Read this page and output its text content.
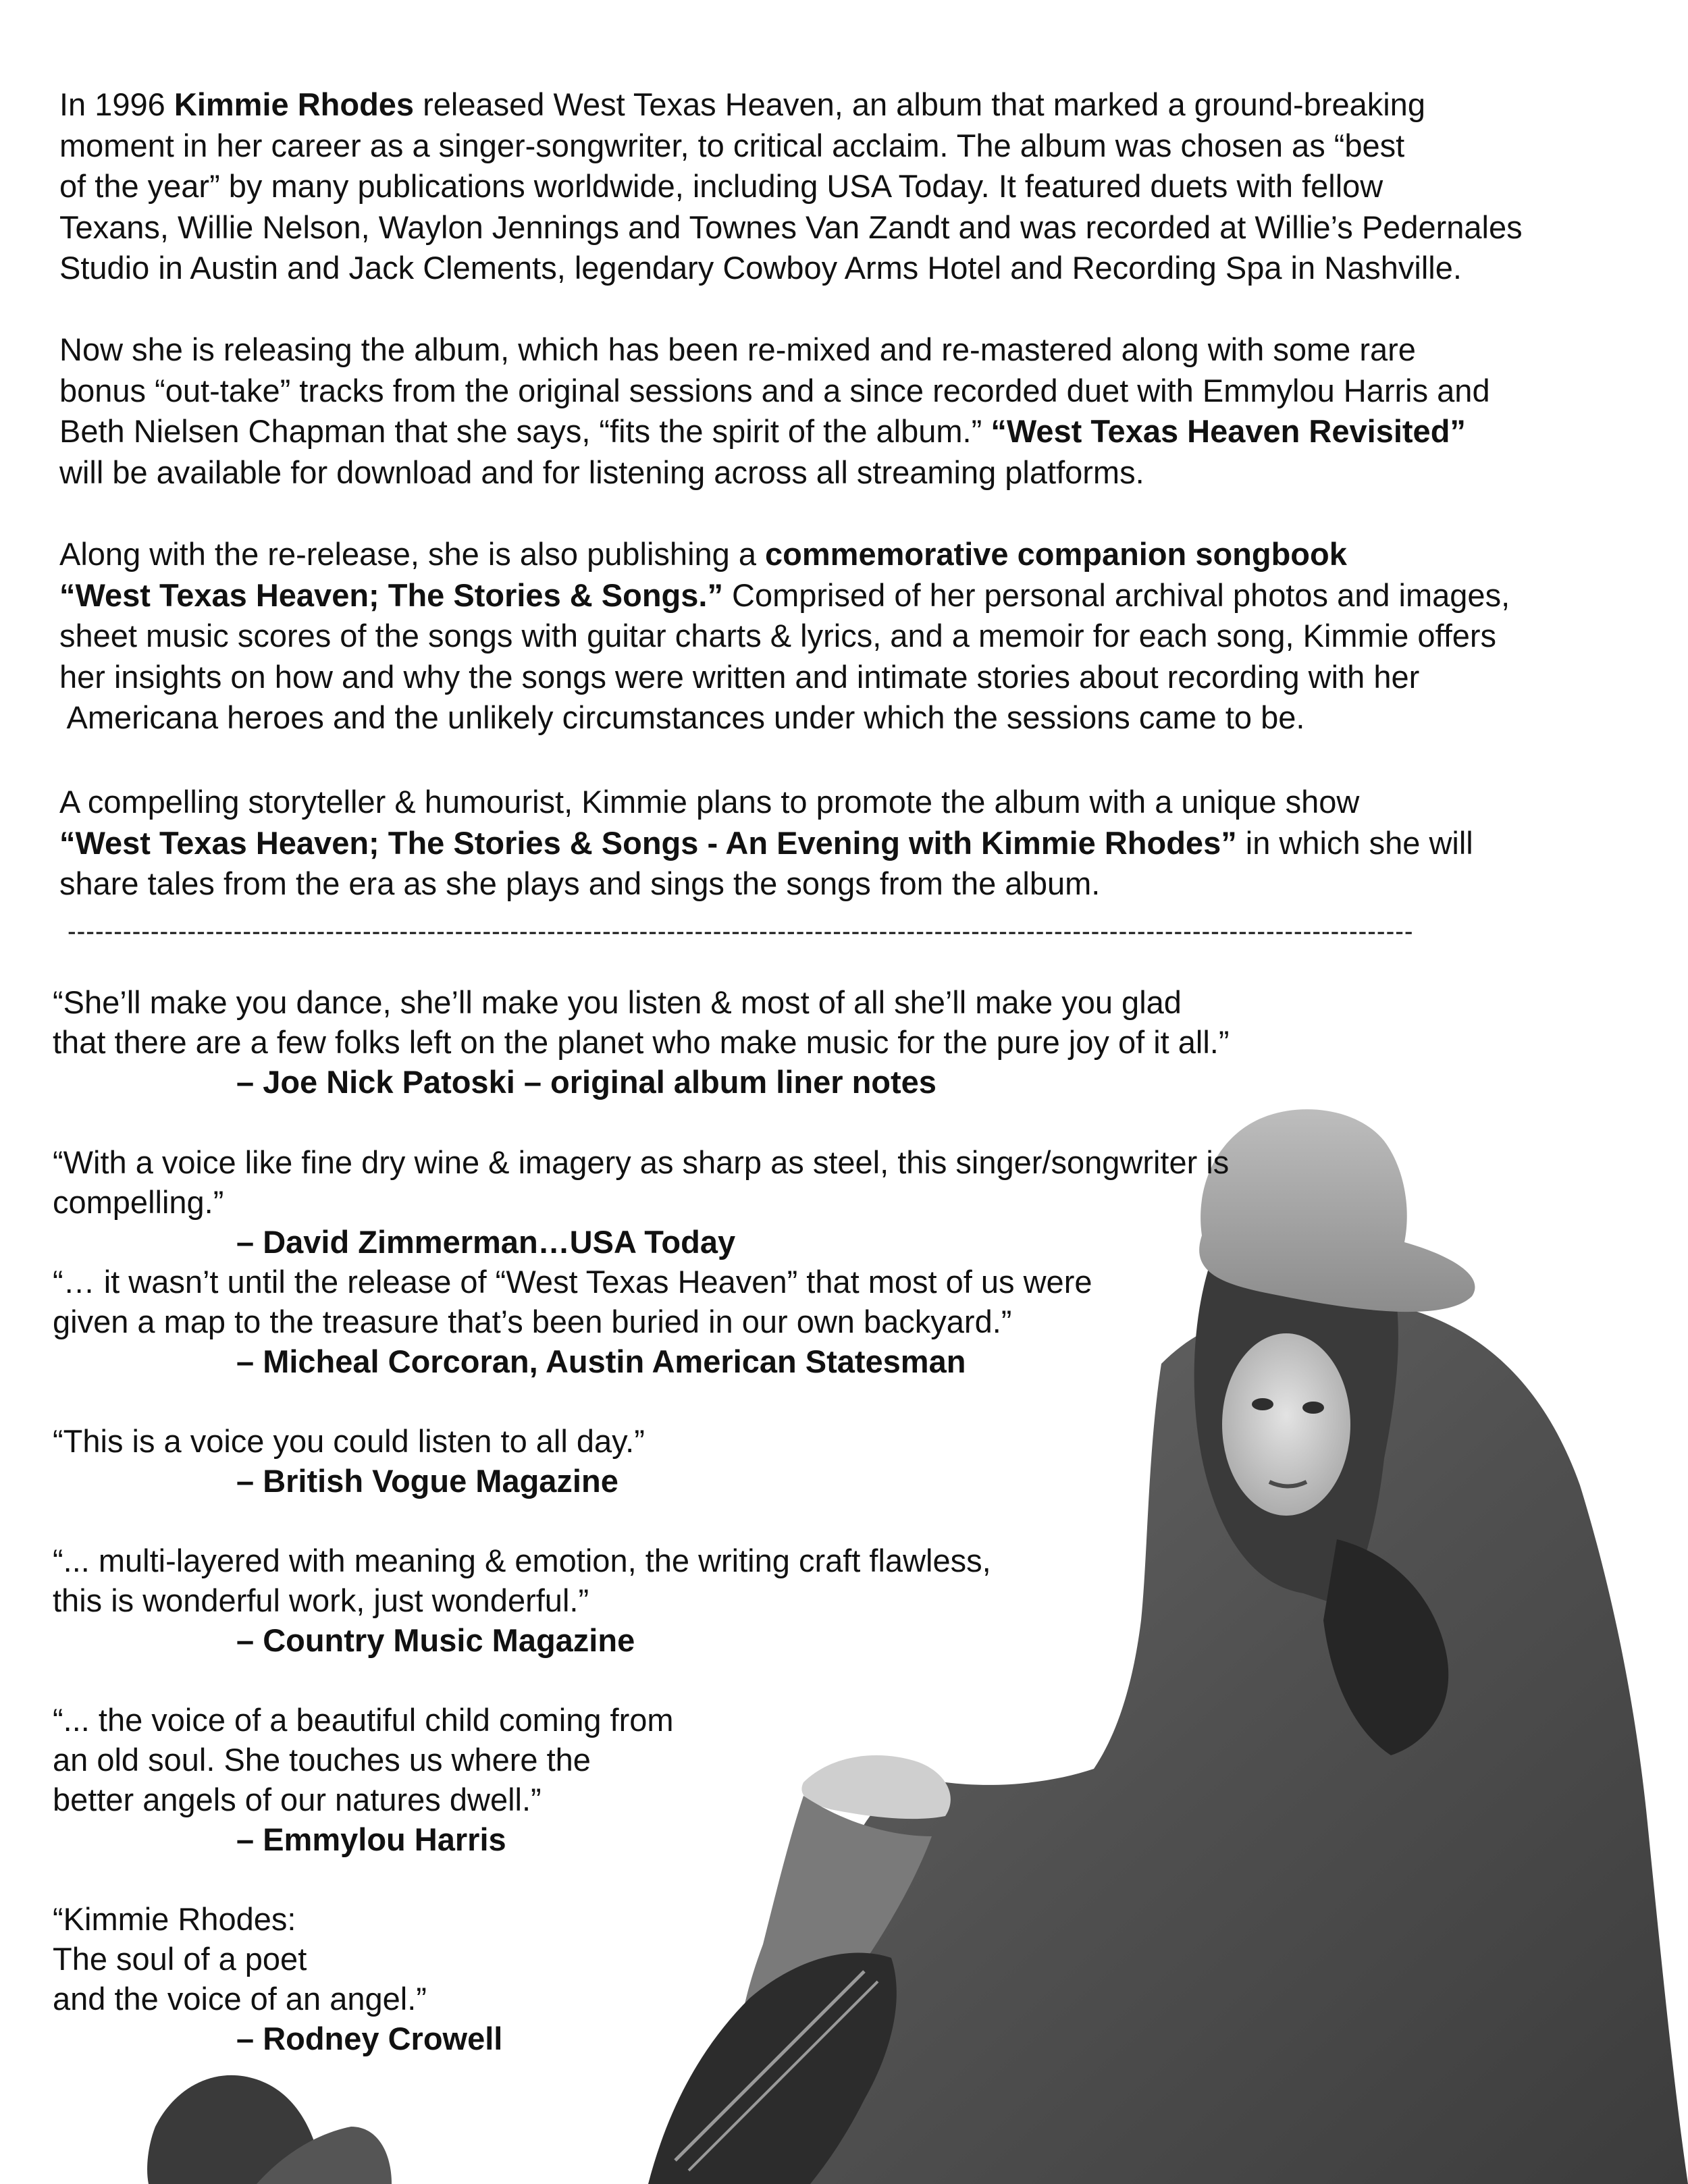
In 1996 Kimmie Rhodes released West Texas Heaven, an album that marked a ground-breaking
moment in her career as a singer-songwriter, to critical acclaim. The album was chosen as “best
of the year” by many publications worldwide, including USA Today. It featured duets with fellow
Texans, Willie Nelson, Waylon Jennings and Townes Van Zandt and was recorded at Willie’s Pedernales
Studio in Austin and Jack Clements, legendary Cowboy Arms Hotel and Recording Spa in Nashville.
Now she is releasing the album, which has been re-mixed and re-mastered along with some rare
bonus “out-take” tracks from the original sessions and a since recorded duet with Emmylou Harris and
Beth Nielsen Chapman that she says, “fits the spirit of the album.” “West Texas Heaven Revisited”
will be available for download and for listening across all streaming platforms.
Along with the re-release, she is also publishing a commemorative companion songbook
“West Texas Heaven; The Stories & Songs.” Comprised of her personal archival photos and images,
sheet music scores of the songs with guitar charts & lyrics, and a memoir for each song, Kimmie offers
her insights on how and why the songs were written and intimate stories about recording with her
Americana heroes and the unlikely circumstances under which the sessions came to be.
A compelling storyteller & humourist, Kimmie plans to promote the album with a unique show
“West Texas Heaven; The Stories & Songs - An Evening with Kimmie Rhodes” in which she will
share tales from the era as she plays and sings the songs from the album.
--------------------------------------------------------------------------------------------------------------------------------------------------
“She’ll make you dance, she’ll make you listen & most of all she’ll make you glad
that there are a few folks left on the planet who make music for the pure joy of it all.”
– Joe Nick Patoski – original album liner notes
“With a voice like fine dry wine & imagery as sharp as steel, this singer/songwriter is compelling.”
– David Zimmerman…USA Today
“… it wasn’t until the release of “West Texas Heaven” that most of us were
given a map to the treasure that’s been buried in our own backyard.”
– Micheal Corcoran, Austin American Statesman
“This is a voice you could listen to all day.”
– British Vogue Magazine
“... multi-layered with meaning & emotion, the writing craft flawless,
this is wonderful work, just wonderful.”
– Country Music Magazine
“... the voice of a beautiful child coming from
an old soul. She touches us where the
better angels of our natures dwell.”
– Emmylou Harris
“Kimmie Rhodes:
The soul of a poet
and the voice of an angel.”
– Rodney Crowell
